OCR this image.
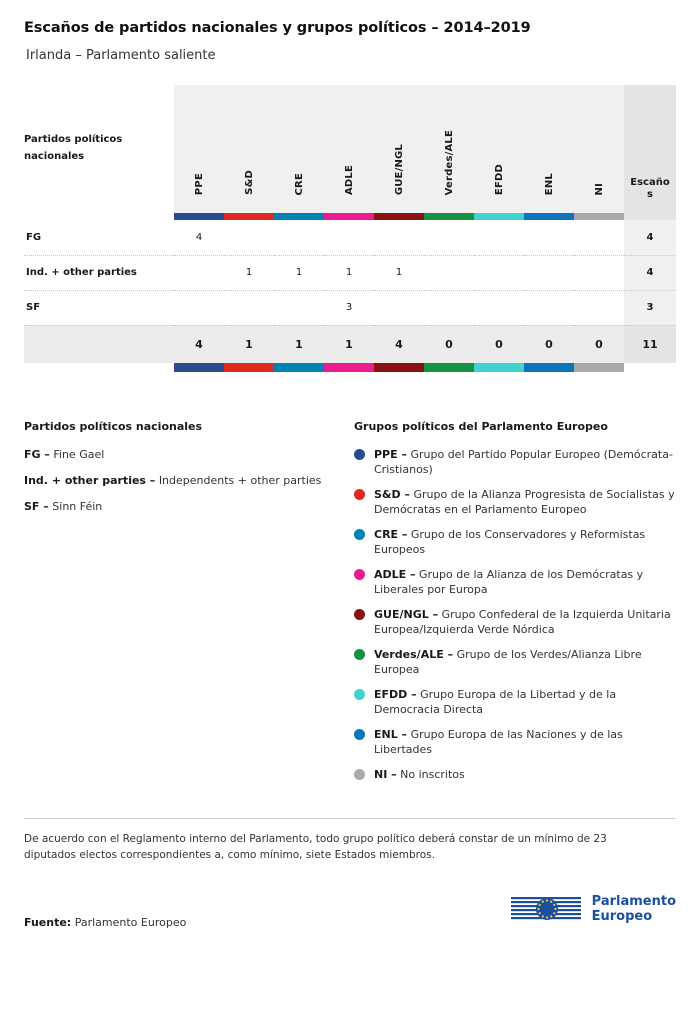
Escaños de partidos nacionales y grupos políticos – 2014–2019
Irlanda – Parlamento saliente
Partidos políticos nacionales	PPE	S&D	CRE	ADLE	GUE/NGL	Verdes/ALE	EFDD	ENL	NI	Escaños

FG	4									4
Ind. + other parties		1	1	1	1					4
SF				3						3
	4	1	1	1	4	0	0	0	0	11

Partidos políticos nacionales
FG – Fine Gael
Ind. + other parties – Independents + other parties
SF – Sinn Féin
Grupos políticos del Parlamento Europeo
PPE – Grupo del Partido Popular Europeo (Demócrata-Cristianos)
S&D – Grupo de la Alianza Progresista de Socialistas y Demócratas en el Parlamento Europeo
CRE – Grupo de los Conservadores y Reformistas Europeos
ADLE – Grupo de la Alianza de los Demócratas y Liberales por Europa
GUE/NGL – Grupo Confederal de la Izquierda Unitaria Europea/Izquierda Verde Nórdica
Verdes/ALE – Grupo de los Verdes/Alianza Libre Europea
EFDD – Grupo Europa de la Libertad y de la Democracia Directa
ENL – Grupo Europa de las Naciones y de las Libertades
NI – No inscritos
De acuerdo con el Reglamento interno del Parlamento, todo grupo político deberá constar de un mínimo de 23 diputados electos correspondientes a, como mínimo, siete Estados miembros.
Fuente: Parlamento Europeo
Parlamento
Europeo
